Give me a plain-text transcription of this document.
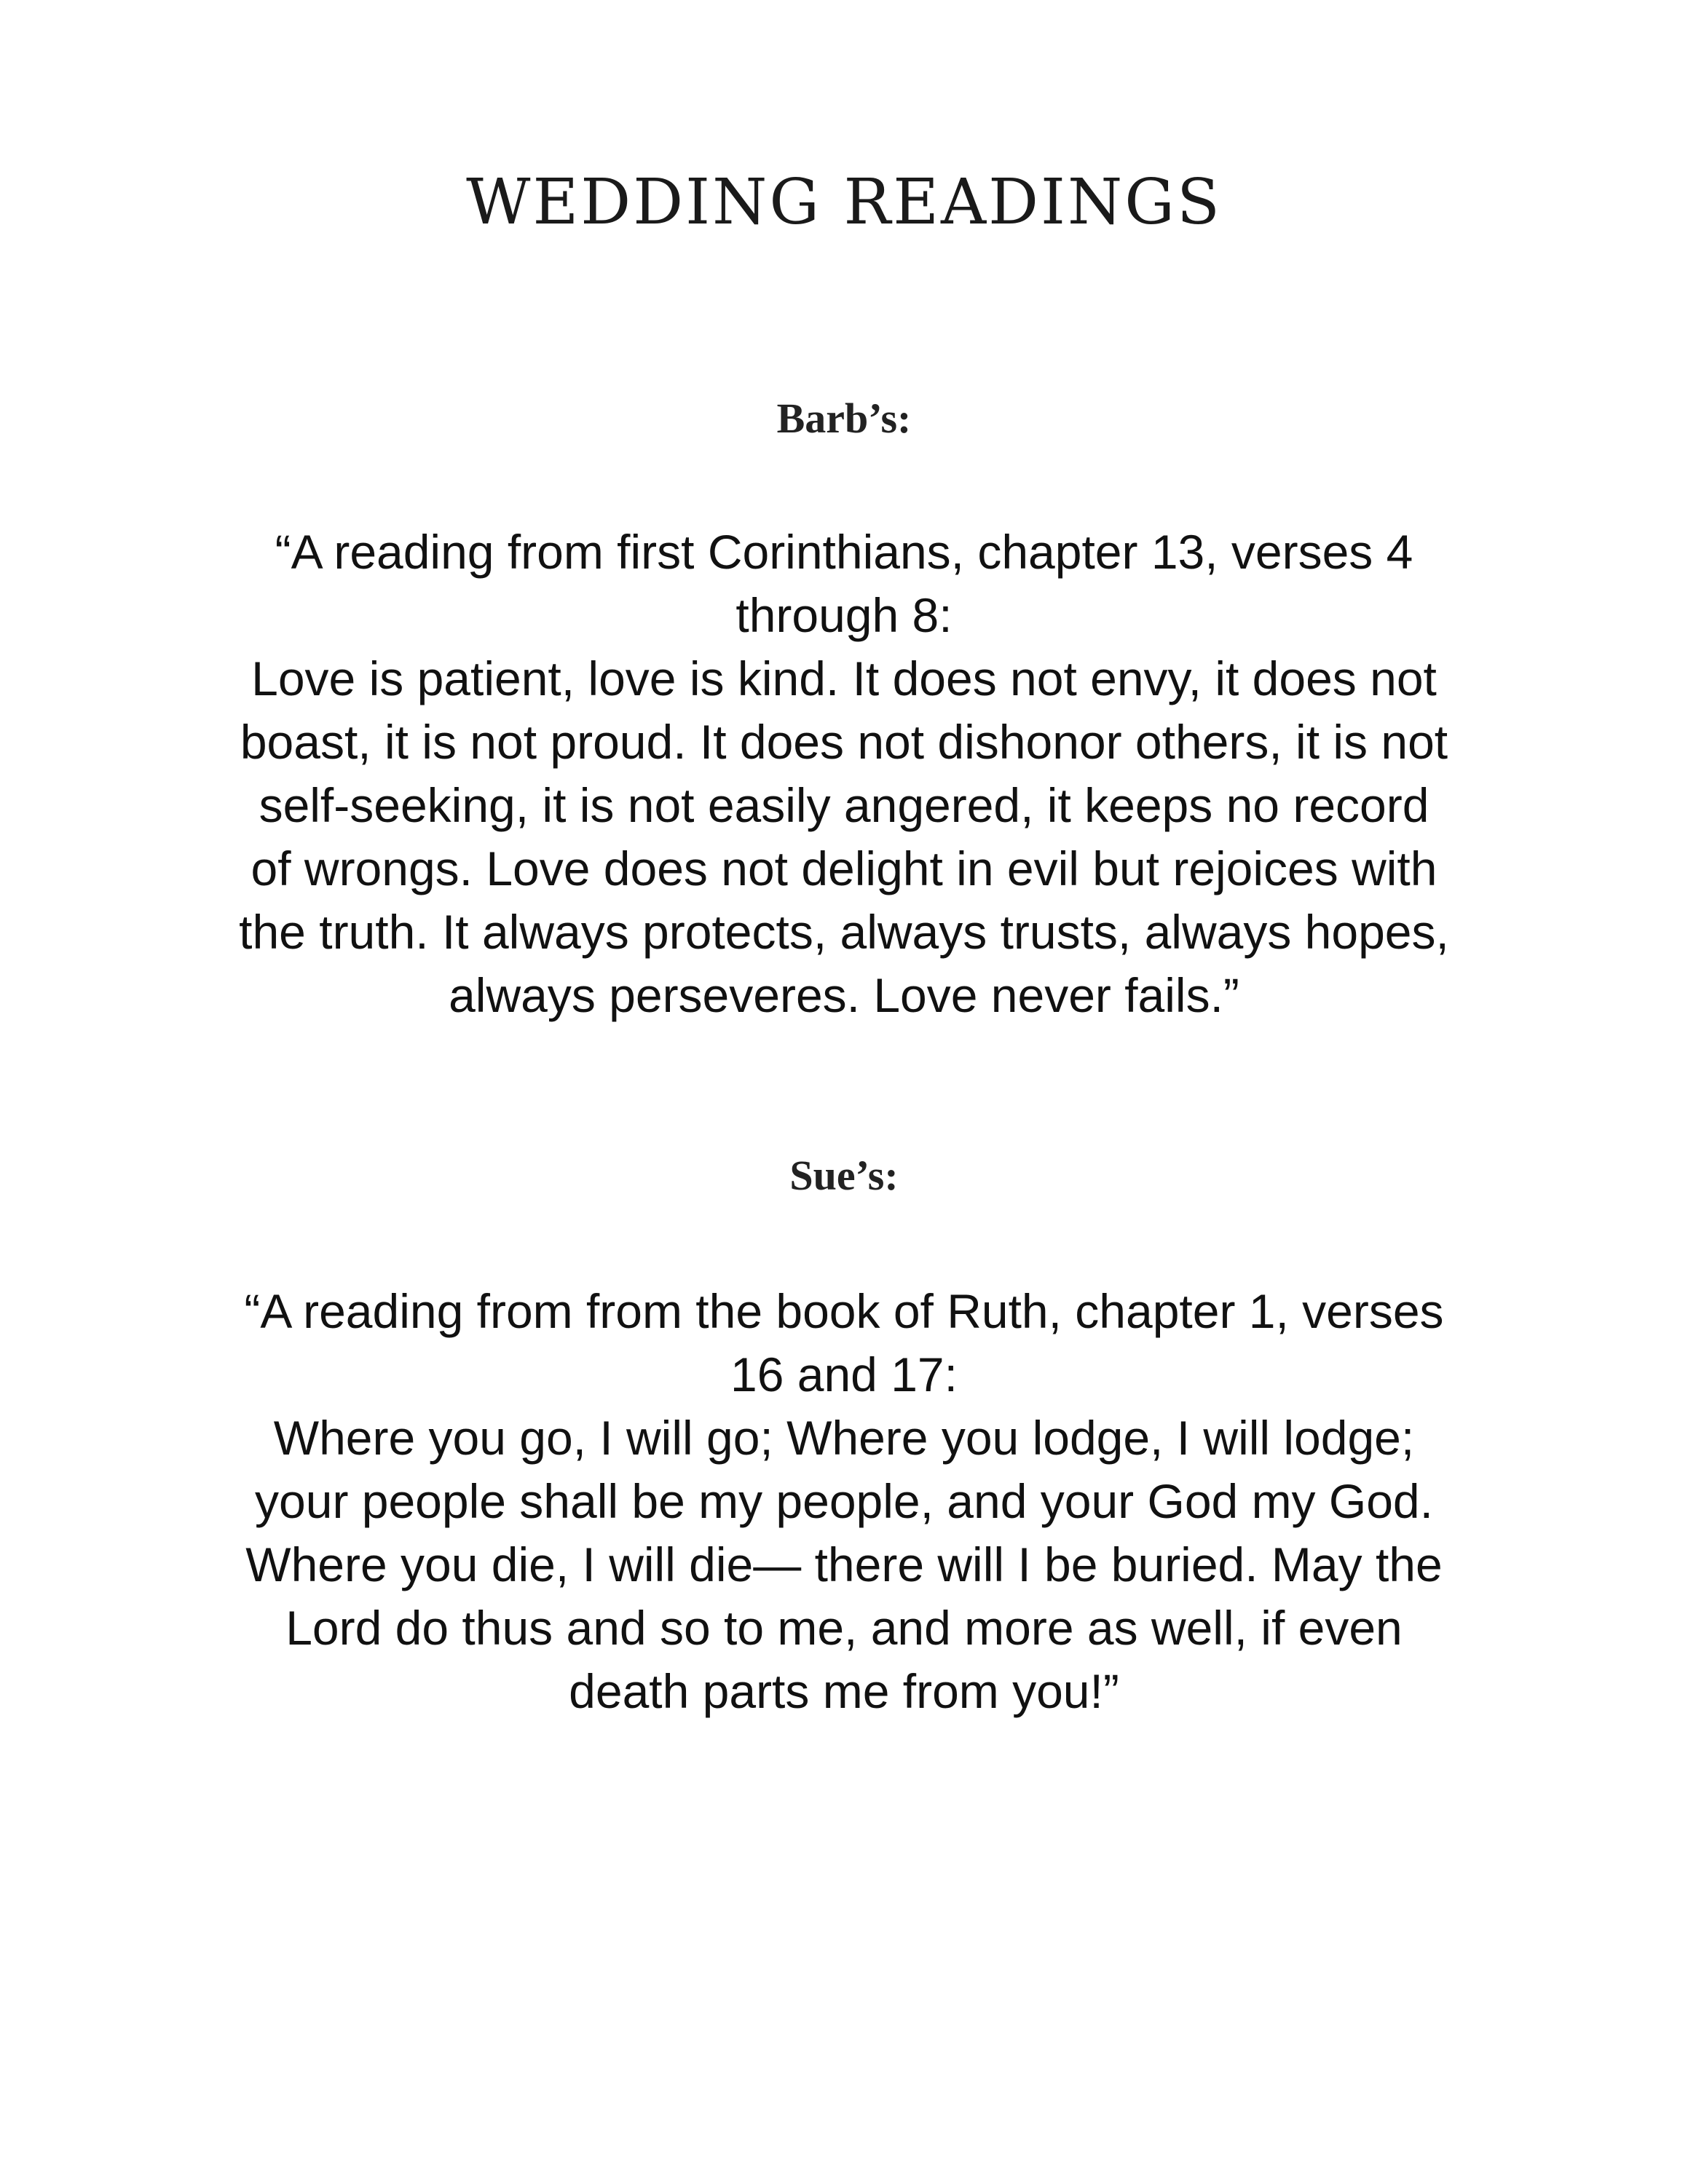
WEDDING READINGS
Barb’s:
“A reading from first Corinthians, chapter 13, verses 4
through 8:
Love is patient, love is kind. It does not envy, it does not
boast, it is not proud. It does not dishonor others, it is not
self-seeking, it is not easily angered, it keeps no record
of wrongs. Love does not delight in evil but rejoices with
the truth. It always protects, always trusts, always hopes,
always perseveres. Love never fails.”
Sue’s:
“A reading from from the book of Ruth, chapter 1, verses
16 and 17:
Where you go, I will go; Where you lodge, I will lodge;
your people shall be my people, and your God my God.
Where you die, I will die— there will I be buried. May the
Lord do thus and so to me, and more as well, if even
death parts me from you!”
